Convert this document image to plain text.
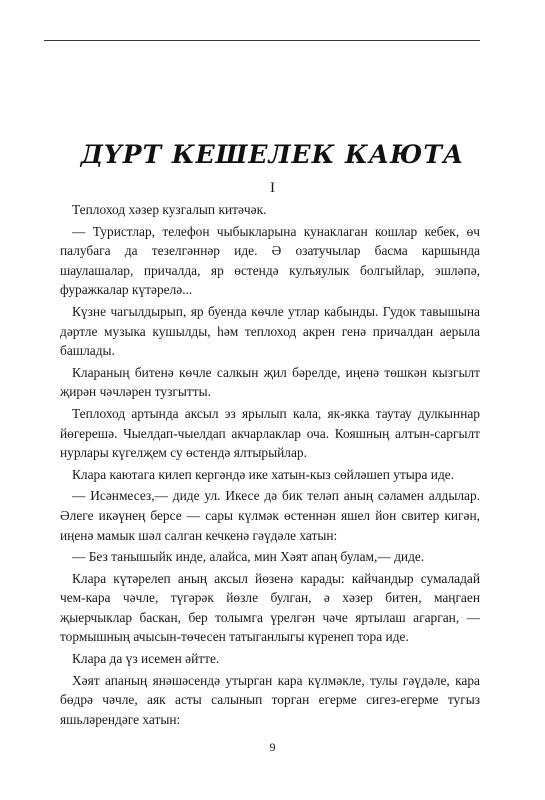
ДҮРТ КЕШЕЛЕК КАЮТА
I

Теплоход хәзер кузгалып китәчәк.

— Туристлар, телефон чыбыкларына кунаклаган кошлар кебек, өч палубага да тезелгәннәр иде. Ә озатучылар басма каршында шаулашалар, причалда, яр өстендә кулъяулык болгыйлар, эшләпә, фуражкалар күтәрелә...

Күзне чагылдырып, яр буенда көчле утлар кабынды. Гудок тавышына дәртле музыка кушылды, һәм теплоход акрен генә причалдан аерыла башлады.

Кларaның битенә көчле салкын җил бәрелде, иңенә төшкән кызгылт җирән чәчләрен тузгытты.

Теплоход артында аксыл эз ярылып кала, як-якка таутау дулкыннар йөгерешә. Чыелдап-чыелдап акчарлаклар оча. Кояшның алтын-саргылт нурлары күгелҗем су өстендә ялтырыйлар.

Клара каютага килеп кергәндә ике хатын-кыз сөйләшеп утыра иде.

— Исәнмесез,— диде ул. Икесе дә бик теләп аның сәламен алдылар. Әлеге икәүнең берсе — сары күлмәк өстеннән яшел йон свитер кигән, иңенә мамык шәл салган кечкенә гәүдәле хатын:

— Без танышыйк инде, алайса, мин Хәят апаң булам,— диде.

Клара күтәрелеп аның аксыл йөзенә карады: кайчандыр сумаладай чем-кара чәчле, түгәрәк йөзле булган, ә хәзер битен, маңгаен җыерчыклар баскан, бер толымга үрелгән чәче яртылаш агарган, — тормышның ачысын-төчесен татыганлыгы күренеп тора иде.

Клара да үз исемен әйтте.

Хәят апаның янәшәсендә утырган кара күлмәкле, тулы гәүдәле, кара бөдрә чәчле, аяк асты салынып торган егерме сигез-егерме тугыз яшьләрендәге хатын:

9
